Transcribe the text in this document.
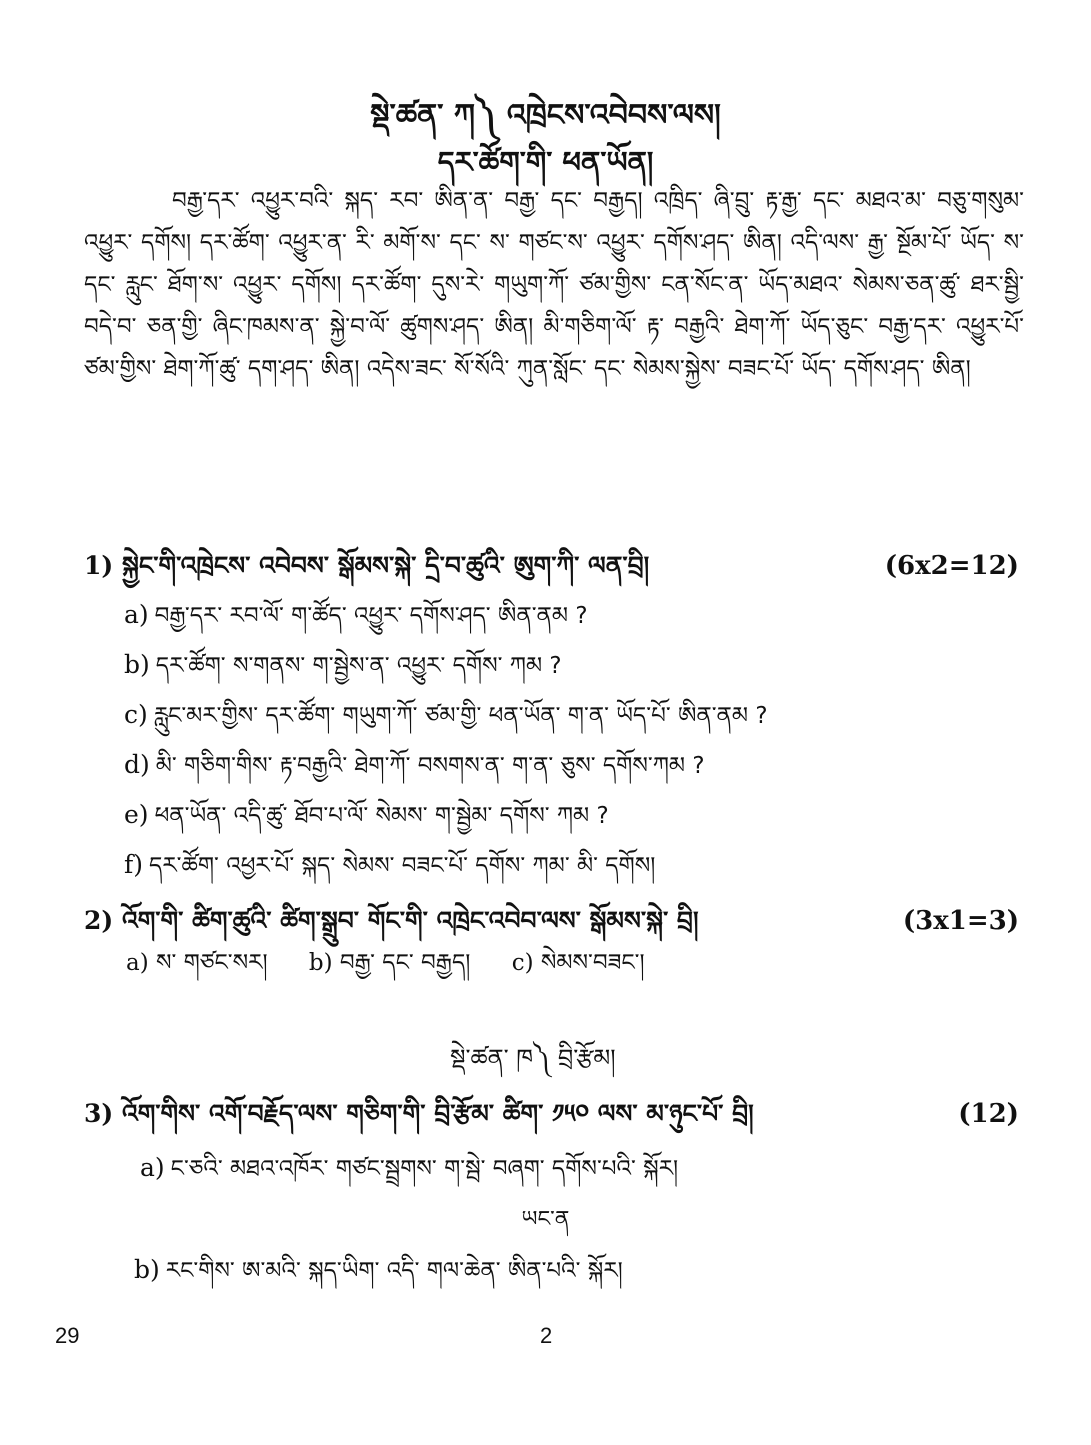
སྡེ་ཚན་ ཀ༽ འཁྲེངས་འབེབས་ལས།
དར་ཚོག་གི་ ཕན་ཡོན།
བརྒྱ་དར་ འཕྱུར་བའི་ སྐད་ རབ་ ཨིན་ན་ བརྒྱ་ དང་ བརྒྱད། འཁྲིད་ ཞི་བྲུ་ རྟ་རྒྱ་ དང་ མཐའ་མ་ བཅུ་གསུམ་ འཕྱུར་ དགོས། དར་ཚོག་ འཕྱུར་ན་ རི་ མགོ་ས་ དང་ ས་ གཙང་ས་ འཕྱུར་ དགོས་ཤད་ ཨིན། འདི་ལས་ རྒྱ་ སྔོམ་པོ་ ཡོད་ ས་ དང་ རླུང་ ཐོག་ས་ འཕྱུར་ དགོས། དར་ཚོག་ དུས་རེ་ གཡུག་ཀོ་ ཙམ་གྱིས་ ངན་སོང་ན་ ཡོད་མཐའ་ སེམས་ཅན་ཚུ་ ཐར་སྦྱི་ བདེ་བ་ ཅན་གྱི་ ཞིང་ཁམས་ན་ སྐྱེ་བ་ལོ་ ཚུགས་ཤད་ ཨིན། མི་གཅིག་ལོ་ རྟ་ བརྒྱའི་ ཐེག་ཀོ་ ཡོད་ཅུང་ བརྒྱ་དར་ འཕྱུར་པོ་ ཙམ་གྱིས་ ཐེག་ཀོ་ཚུ་ དག་ཤད་ ཨིན། འདེས་ཟང་ སོ་སོའི་ ཀུན་སློང་ དང་ སེམས་སྐྱེས་ བཟང་པོ་ ཡོད་ དགོས་ཤད་ ཨིན།
1) སྐྱེང་གི་འཁྲེངས་ འབེབས་ སྒོམས་སྐེ་ དྲི་བ་ཚུའི་ ཨུག་ཀི་ ལན་བྲི།	(6x2=12)
a) བརྒྱ་དར་ རབ་ལོ་ ག་ཚོད་ འཕྱུར་ དགོས་ཤད་ ཨིན་ནམ ?
b) དར་ཚོག་ ས་གནས་ ག་སྦྱེས་ན་ འཕྱུར་ དགོས་ ཀམ ?
c) རླུང་མར་གྱིས་ དར་ཚོག་ གཡུག་ཀོ་ ཙམ་གྱི་ ཕན་ཡོན་ ག་ན་ ཡོད་པོ་ ཨིན་ནམ ?
d) མི་ གཅིག་གིས་ རྟ་བརྒྱའི་ ཐེག་ཀོ་ བསགས་ན་ ག་ན་ ཅུས་ དགོས་ཀམ ?
e) ཕན་ཡོན་ འདི་ཚུ་ ཐོབ་པ་ལོ་ སེམས་ ག་སྦྱེམ་ དགོས་ ཀམ ?
f) དར་ཚོག་ འཕྱར་པོ་ སྐད་ སེམས་ བཟང་པོ་ དགོས་ ཀམ་ མི་ དགོས།
2) འོག་གི་ ཚིག་ཚུའི་ ཚིག་སྒྲུབ་ གོང་གི་ འཁྲེང་འབེབ་ལས་ སྒོམས་སྐེ་ བྲི།	(3x1=3)
a) ས་ གཙང་སར། b) བརྒྱ་ དང་ བརྒྱད། c) སེམས་བཟང་།
སྡེ་ཚན་ ཁ༽ བྲི་རྩོམ།
3) འོག་གིས་ འགོ་བརྗོད་ལས་ གཅིག་གི་ བྲི་རྩོམ་ ཚིག་ ༡༥༠ ལས་ མ་ཉུང་པོ་ བྲི།	(12)
a) ང་ཅའི་ མཐའ་འཁོར་ གཙང་སྦྲགས་ ག་སྦེ་ བཞག་ དགོས་པའི་ སྐོར།
ཡང་ན
b) རང་གིས་ ཨ་མའི་ སྐད་ཡིག་ འདི་ གལ་ཆེན་ ཨིན་པའི་ སྐོར།
29	2
